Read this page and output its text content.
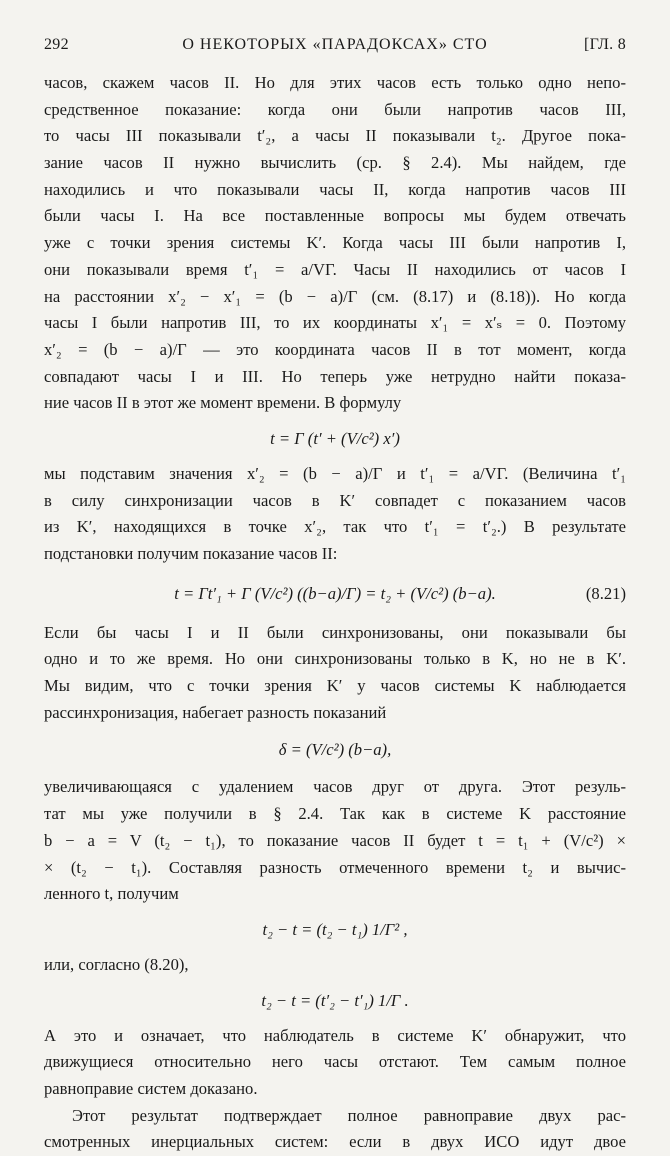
292	О НЕКОТОРЫХ «ПАРАДОКСАХ» СТО	[ГЛ. 8
часов, скажем часов II. Но для этих часов есть только одно непо-
средственное показание: когда они были напротив часов III,
то часы III показывали t′₂, а часы II показывали t₂. Другое пока-
зание часов II нужно вычислить (ср. § 2.4). Мы найдем, где
находились и что показывали часы II, когда напротив часов III
были часы I. На все поставленные вопросы мы будем отвечать
уже с точки зрения системы K′. Когда часы III были напротив I,
они показывали время t′₁ = a/VΓ. Часы II находились от часов I
на расстоянии x′₂ − x′₁ = (b − a)/Γ (см. (8.17) и (8.18)). Но когда
часы I были напротив III, то их координаты x′₁ = x′ₛ = 0. Поэтому
x′₂ = (b − a)/Γ — это координата часов II в тот момент, когда
совпадают часы I и III. Но теперь уже нетрудно найти показа-
ние часов II в этот же момент времени. В формулу
t = Γ (t′ + (V/c²) x′)
мы подставим значения x′₂ = (b − a)/Γ и t′₁ = a/VΓ. (Величина t′₁
в силу синхронизации часов в K′ совпадет с показанием часов
из K′, находящихся в точке x′₂, так что t′₁ = t′₂.) В результате
подстановки получим показание часов II:
t = Γt′₁ + Γ (V/c²) ((b−a)/Γ) = t₂ + (V/c²) (b−a).	(8.21)
Если бы часы I и II были синхронизованы, они показывали бы
одно и то же время. Но они синхронизованы только в K, но не в K′.
Мы видим, что с точки зрения K′ у часов системы K наблюдается
рассинхронизация, набегает разность показаний
δ = (V/c²) (b−a),
увеличивающаяся с удалением часов друг от друга. Этот резуль-
тат мы уже получили в § 2.4. Так как в системе K расстояние
b − a = V (t₂ − t₁), то показание часов II будет t = t₁ + (V/c²) ×
× (t₂ − t₁). Составляя разность отмеченного времени t₂ и вычис-
ленного t, получим
t₂ − t = (t₂ − t₁) 1/Γ² ,
или, согласно (8.20),
t₂ − t = (t′₂ − t′₁) 1/Γ .
А это и означает, что наблюдатель в системе K′ обнаружит, что
движущиеся относительно него часы отстают. Тем самым полное
равноправие систем доказано.
Этот результат подтверждает полное равноправие двух рас-
смотренных инерциальных систем: если в двух ИСО идут двое
